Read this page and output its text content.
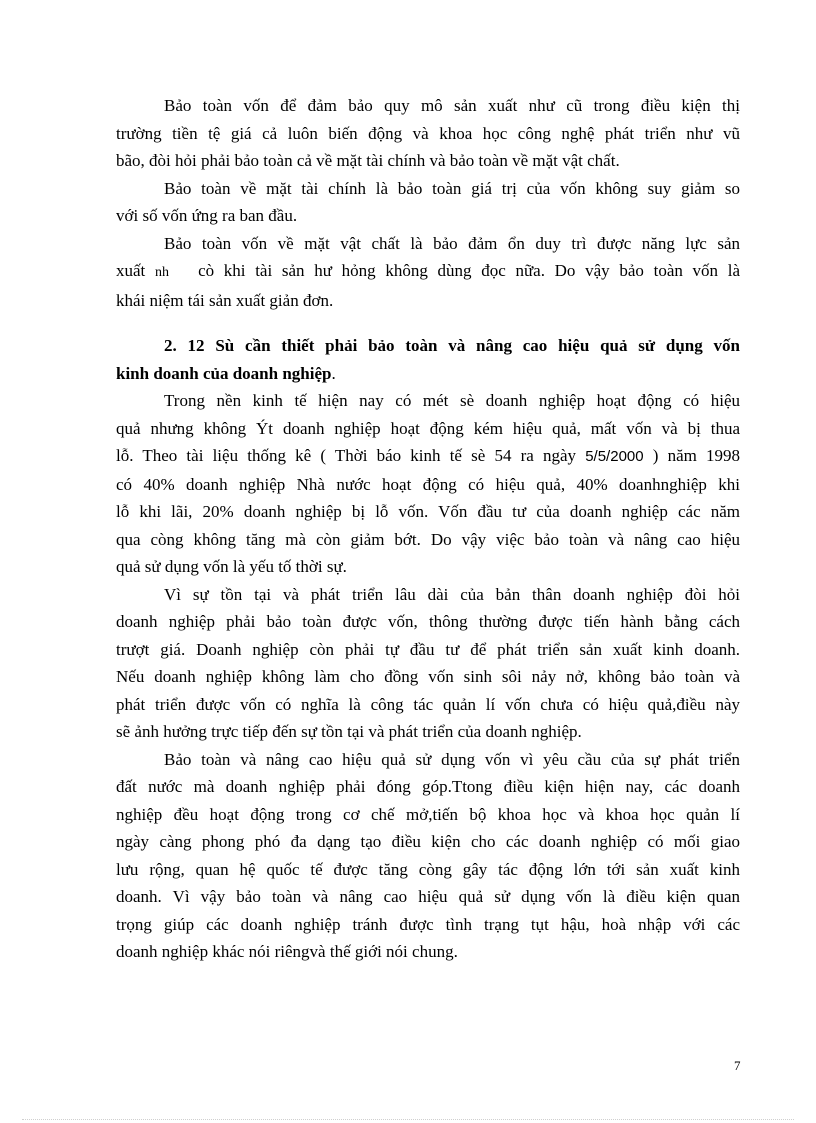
Bảo toàn vốn để đảm bảo quy mô sản xuất như cũ trong điều kiện thị
trường tiền tệ giá cả luôn biến động và khoa học công nghệ phát triển như vũ
bão, đòi hỏi phải bảo toàn cả về mặt tài chính và bảo toàn về mặt vật chất.
Bảo toàn về mặt tài chính là bảo toàn giá trị của vốn không suy giảm so
với số vốn ứng ra ban đầu.
Bảo toàn vốn về mặt vật chất là bảo đảm ổn duy trì được năng lực sản
xuất nh cò khi tài sản hư hỏng không dùng đọc nữa. Do vậy bảo toàn vốn là
khái niệm tái sản xuất giản đơn.
2. 12 Sù cần thiết phải bảo toàn và nâng cao hiệu quả sử dụng vốn
kinh doanh của doanh nghiệp.
Trong nền kinh tế hiện nay có mét sè doanh nghiệp hoạt động có hiệu
quả nhưng không Ýt doanh nghiệp hoạt động kém hiệu quả, mất vốn và bị thua
lỗ. Theo tài liệu thống kê ( Thời báo kinh tế sè 54 ra ngày 5/5/2000 ) năm 1998
có 40% doanh nghiệp Nhà nước hoạt động có hiệu quả, 40% doanhnghiệp khi
lỗ khi lãi, 20% doanh nghiệp bị lỗ vốn. Vốn đầu tư của doanh nghiệp các năm
qua còng không tăng mà còn giảm bớt. Do vậy việc bảo toàn và nâng cao hiệu
quả sử dụng vốn là yếu tố thời sự.
Vì sự tồn tại và phát triển lâu dài của bản thân doanh nghiệp đòi hỏi
doanh nghiệp phải bảo toàn được vốn, thông thường được tiến hành bằng cách
trượt giá. Doanh nghiệp còn phải tự đầu tư để phát triển sản xuất kinh doanh.
Nếu doanh nghiệp không làm cho đồng vốn sinh sôi nảy nở, không bảo toàn và
phát triển được vốn có nghĩa là công tác quản lí vốn chưa có hiệu quả,điều này
sẽ ảnh hưởng trực tiếp đến sự tồn tại và phát triển của doanh nghiệp.
Bảo toàn và nâng cao hiệu quả sử dụng vốn vì yêu cầu của sự phát triển
đất nước mà doanh nghiệp phải đóng góp.Ttong điều kiện hiện nay, các doanh
nghiệp đều hoạt động trong cơ chế mở,tiến bộ khoa học và khoa học quản lí
ngày càng phong phó đa dạng tạo điều kiện cho các doanh nghiệp có mối giao
lưu rộng, quan hệ quốc tế được tăng còng gây tác động lớn tới sản xuất kinh
doanh. Vì vậy bảo toàn và nâng cao hiệu quả sử dụng vốn là điều kiện quan
trọng giúp các doanh nghiệp tránh được tình trạng tụt hậu, hoà nhập với các
doanh nghiệp khác nói riêngvà thế giới nói chung.
7
